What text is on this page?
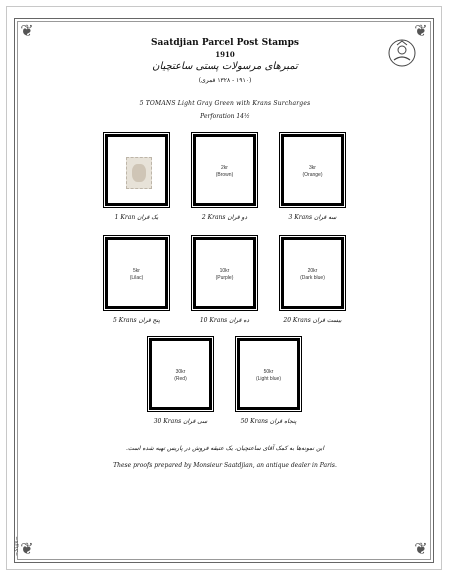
❦	❦
❦	❦
Saatdjian Parcel Post Stamps
1910
تمبرهای مرسولات پستی ساعتچیان
(۱۹۱۰ - ۱۳۲۸ قمری)
5 TOMANS Light Gray Green with Krans Surcharges
Perforation 14½
1 Kran یک قران
2kr
(Brown)
2 Krans دو قران
3kr
(Orange)
3 Krans سه قران
5kr
(Lilac)
5 Krans پنج قران
10kr
(Purple)
10 Krans ده قران
20kr
(Dark blue)
20 Krans بیست قران
30kr
(Red)
30 Krans سی قران
50kr
(Light blue)
50 Krans پنجاه قران
این نمونه‌ها به کمک آقای ساعتچیان، یک عتیقه فروش در پاریس تهیه شده است.
These proofs prepared by Monsieur Saatdjian, an antique dealer in Paris.
~Sign~
